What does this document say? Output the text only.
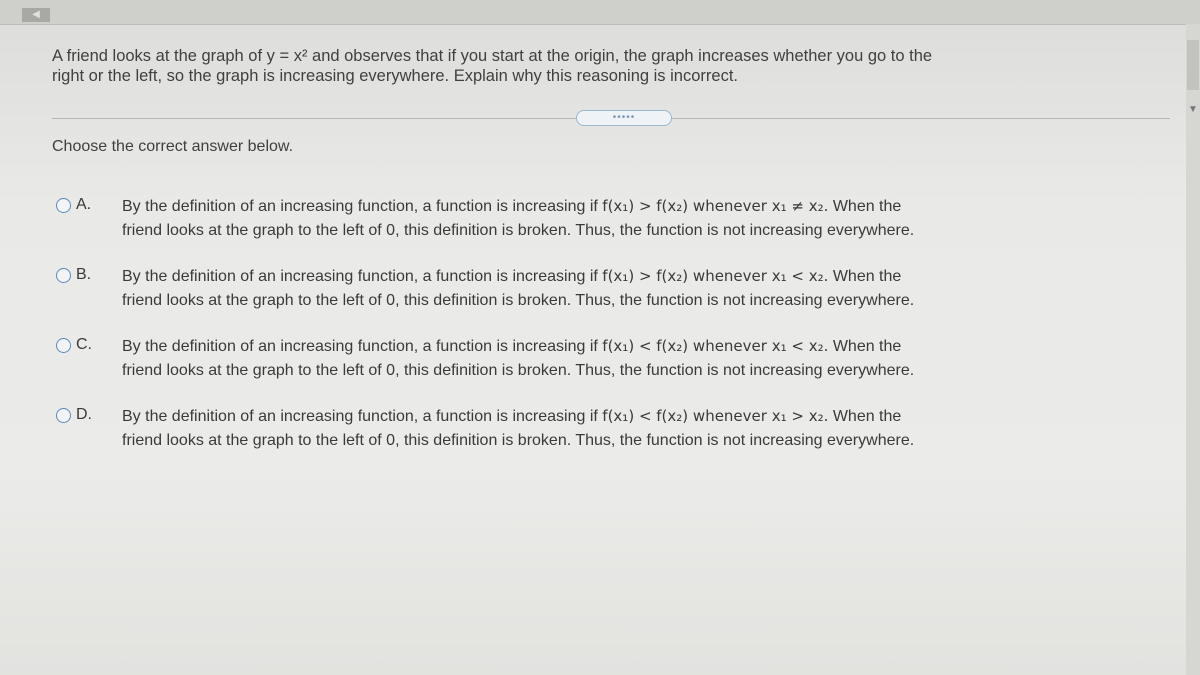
◀
▼
A friend looks at the graph of y = x² and observes that if you start at the origin, the graph increases whether you go to the
right or the left, so the graph is increasing everywhere. Explain why this reasoning is incorrect.
•••••
Choose the correct answer below.
A. By the definition of an increasing function, a function is increasing if f(x₁) > f(x₂) whenever x₁ ≠ x₂. When the
friend looks at the graph to the left of 0, this definition is broken. Thus, the function is not increasing everywhere.
B. By the definition of an increasing function, a function is increasing if f(x₁) > f(x₂) whenever x₁ < x₂. When the
friend looks at the graph to the left of 0, this definition is broken. Thus, the function is not increasing everywhere.
C. By the definition of an increasing function, a function is increasing if f(x₁) < f(x₂) whenever x₁ < x₂. When the
friend looks at the graph to the left of 0, this definition is broken. Thus, the function is not increasing everywhere.
D. By the definition of an increasing function, a function is increasing if f(x₁) < f(x₂) whenever x₁ > x₂. When the
friend looks at the graph to the left of 0, this definition is broken. Thus, the function is not increasing everywhere.
